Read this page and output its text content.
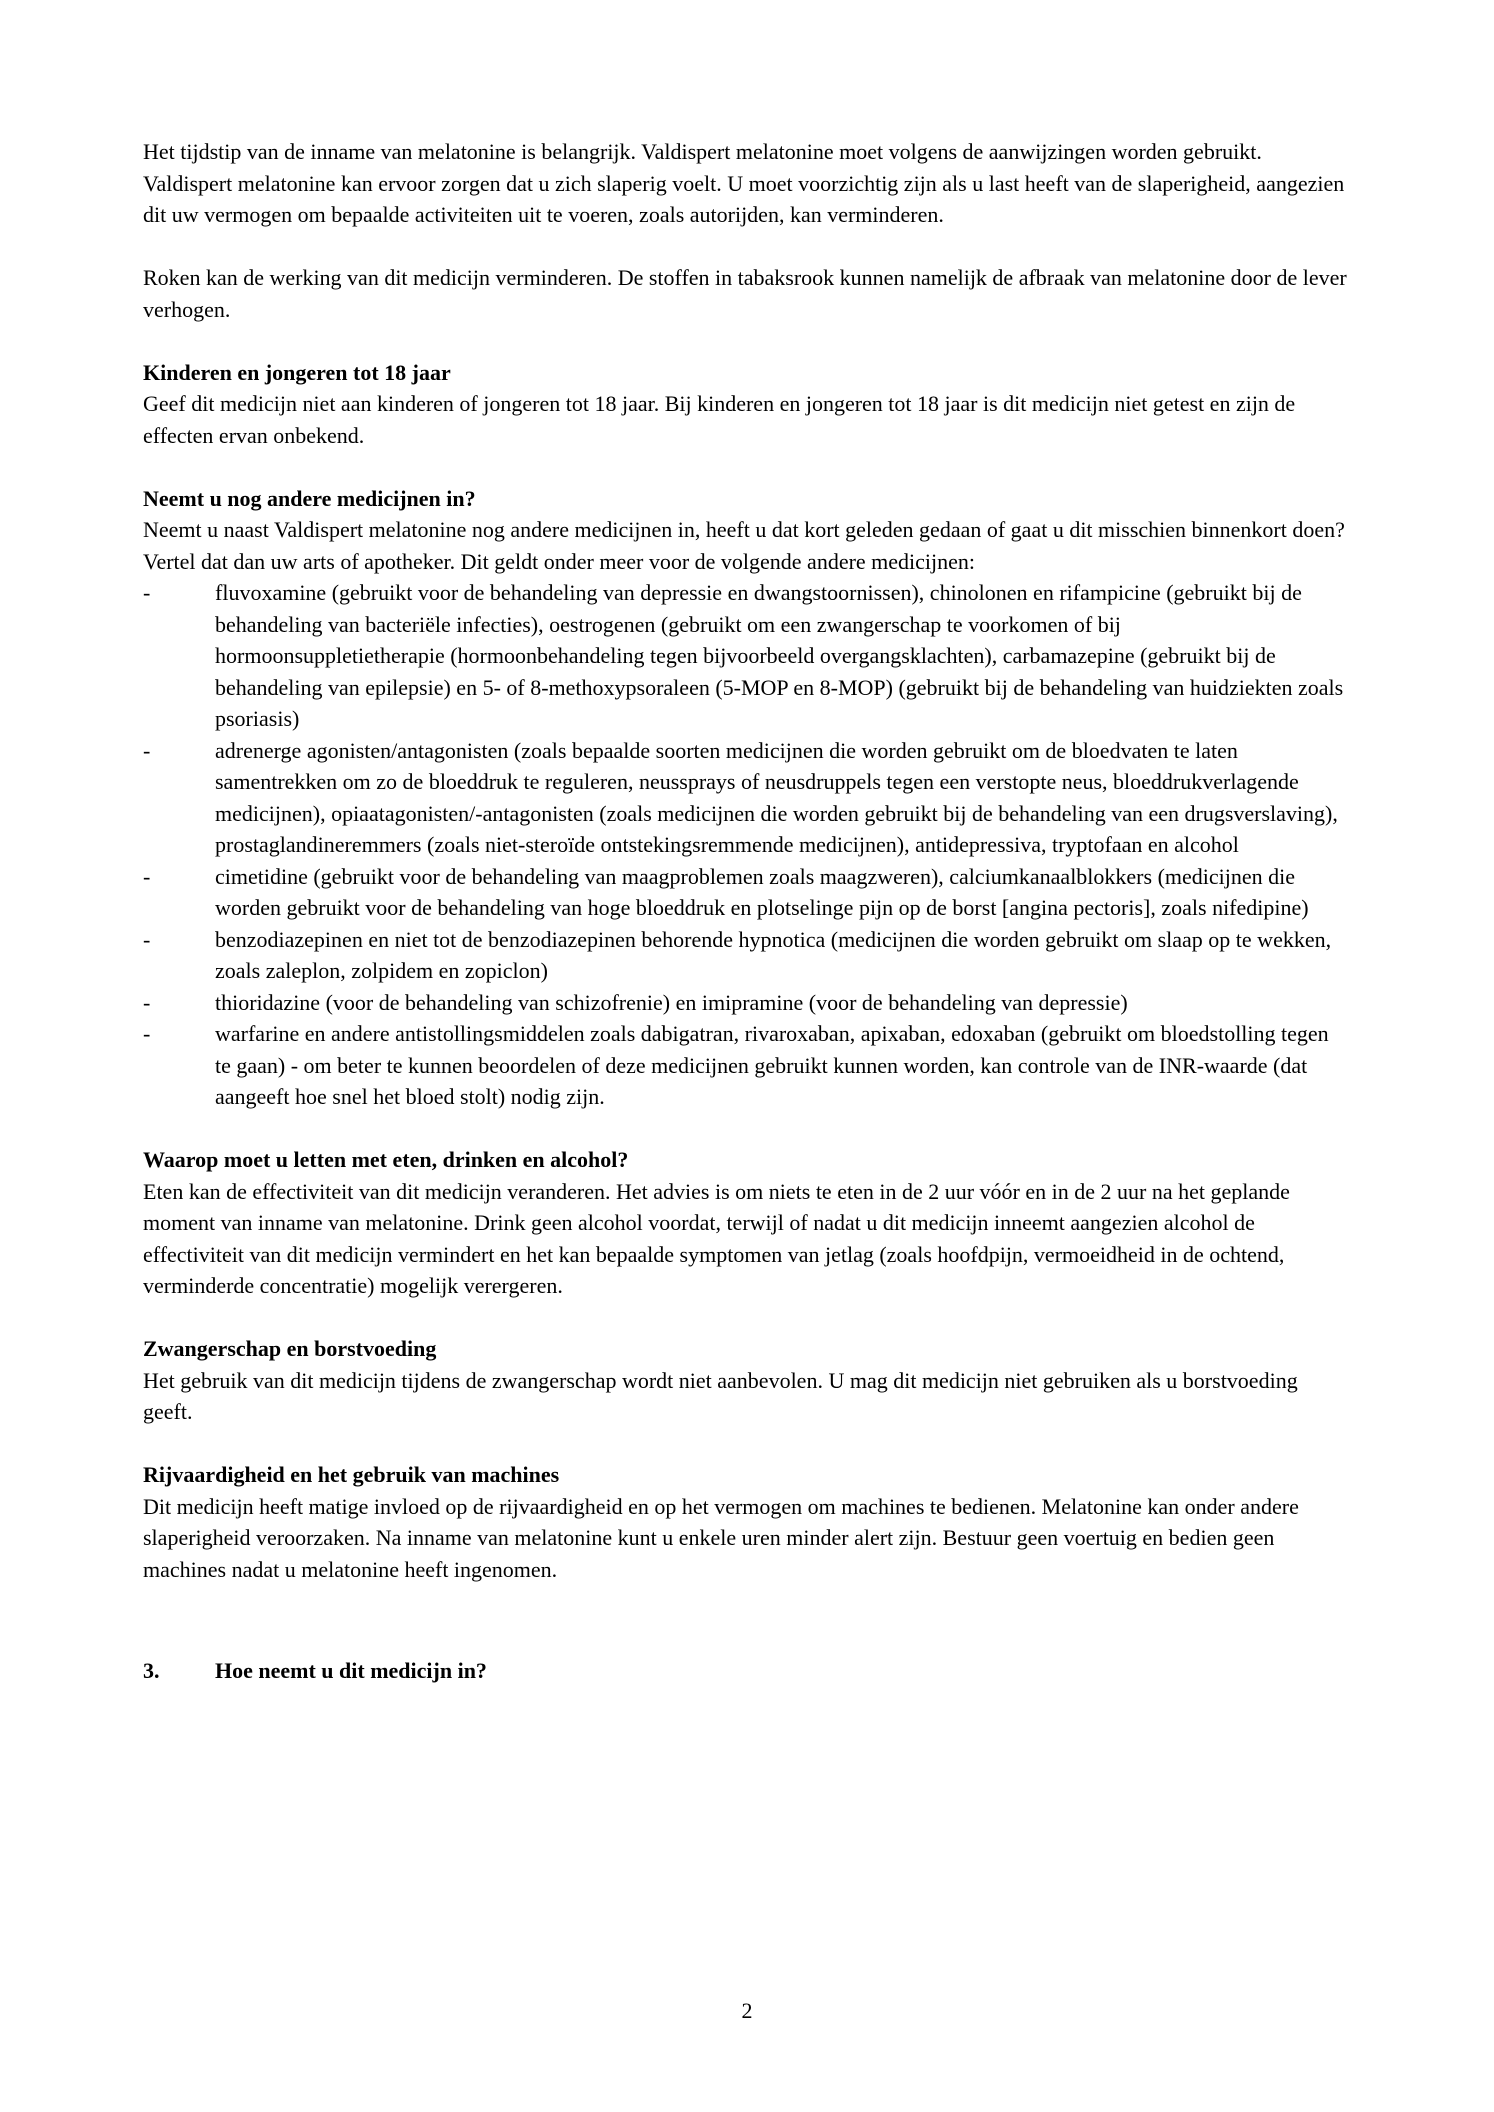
Het tijdstip van de inname van melatonine is belangrijk. Valdispert melatonine moet volgens de aanwijzingen worden gebruikt.

Valdispert melatonine kan ervoor zorgen dat u zich slaperig voelt. U moet voorzichtig zijn als u last heeft van de slaperigheid, aangezien dit uw vermogen om bepaalde activiteiten uit te voeren, zoals autorijden, kan verminderen.

Roken kan de werking van dit medicijn verminderen. De stoffen in tabaksrook kunnen namelijk de afbraak van melatonine door de lever verhogen.

Kinderen en jongeren tot 18 jaar

Geef dit medicijn niet aan kinderen of jongeren tot 18 jaar. Bij kinderen en jongeren tot 18 jaar is dit medicijn niet getest en zijn de effecten ervan onbekend.

Neemt u nog andere medicijnen in?

Neemt u naast Valdispert melatonine nog andere medicijnen in, heeft u dat kort geleden gedaan of gaat u dit misschien binnenkort doen? Vertel dat dan uw arts of apotheker. Dit geldt onder meer voor de volgende andere medicijnen:

-	fluvoxamine (gebruikt voor de behandeling van depressie en dwangstoornissen), chinolonen en rifampicine (gebruikt bij de behandeling van bacteriële infecties), oestrogenen (gebruikt om een zwangerschap te voorkomen of bij hormoonsuppletietherapie (hormoonbehandeling tegen bijvoorbeeld overgangsklachten), carbamazepine (gebruikt bij de behandeling van epilepsie) en 5- of 8-methoxypsoraleen (5-MOP en 8-MOP) (gebruikt bij de behandeling van huidziekten zoals psoriasis)
-	adrenerge agonisten/antagonisten (zoals bepaalde soorten medicijnen die worden gebruikt om de bloedvaten te laten samentrekken om zo de bloeddruk te reguleren, neussprays of neusdruppels tegen een verstopte neus, bloeddrukverlagende medicijnen), opiaatagonisten/-antagonisten (zoals medicijnen die worden gebruikt bij de behandeling van een drugsverslaving), prostaglandineremmers (zoals niet-steroïde ontstekingsremmende medicijnen), antidepressiva, tryptofaan en alcohol
-	cimetidine (gebruikt voor de behandeling van maagproblemen zoals maagzweren), calciumkanaalblokkers (medicijnen die worden gebruikt voor de behandeling van hoge bloeddruk en plotselinge pijn op de borst [angina pectoris], zoals nifedipine)
-	benzodiazepinen en niet tot de benzodiazepinen behorende hypnotica (medicijnen die worden gebruikt om slaap op te wekken, zoals zaleplon, zolpidem en zopiclon)
-	thioridazine (voor de behandeling van schizofrenie) en imipramine (voor de behandeling van depressie)
-	warfarine en andere antistollingsmiddelen zoals dabigatran, rivaroxaban, apixaban, edoxaban (gebruikt om bloedstolling tegen te gaan) - om beter te kunnen beoordelen of deze medicijnen gebruikt kunnen worden, kan controle van de INR-waarde (dat aangeeft hoe snel het bloed stolt) nodig zijn.
Waarop moet u letten met eten, drinken en alcohol?

Eten kan de effectiviteit van dit medicijn veranderen. Het advies is om niets te eten in de 2 uur vóór en in de 2 uur na het geplande moment van inname van melatonine. Drink geen alcohol voordat, terwijl of nadat u dit medicijn inneemt aangezien alcohol de effectiviteit van dit medicijn vermindert en het kan bepaalde symptomen van jetlag (zoals hoofdpijn, vermoeidheid in de ochtend, verminderde concentratie) mogelijk verergeren.

Zwangerschap en borstvoeding

Het gebruik van dit medicijn tijdens de zwangerschap wordt niet aanbevolen. U mag dit medicijn niet gebruiken als u borstvoeding geeft.

Rijvaardigheid en het gebruik van machines

Dit medicijn heeft matige invloed op de rijvaardigheid en op het vermogen om machines te bedienen. Melatonine kan onder andere slaperigheid veroorzaken. Na inname van melatonine kunt u enkele uren minder alert zijn. Bestuur geen voertuig en bedien geen machines nadat u melatonine heeft ingenomen.

3.	Hoe neemt u dit medicijn in?
2
